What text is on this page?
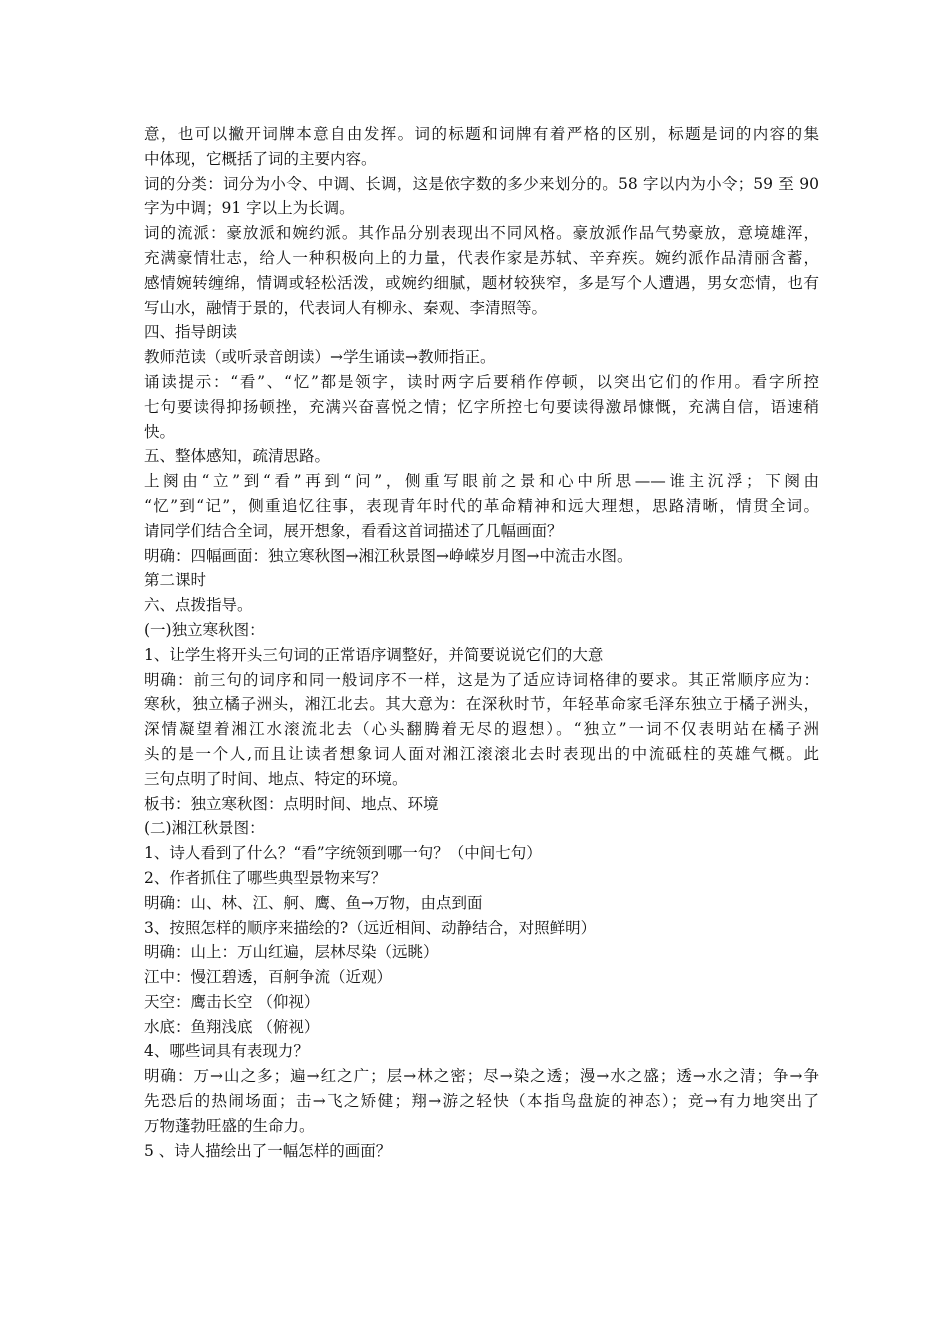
意，也可以撇开词牌本意自由发挥。词的标题和词牌有着严格的区别，标题是词的内容的集
中体现，它概括了词的主要内容。
词的分类：词分为小令、中调、长调，这是依字数的多少来划分的。58 字以内为小令；59 至 90
字为中调；91 字以上为长调。
词的流派：豪放派和婉约派。其作品分别表现出不同风格。豪放派作品气势豪放，意境雄浑，
充满豪情壮志，给人一种积极向上的力量，代表作家是苏轼、辛弃疾。婉约派作品清丽含蓄，
感情婉转缠绵，情调或轻松活泼，或婉约细腻，题材较狭窄，多是写个人遭遇，男女恋情，也有
写山水，融情于景的，代表词人有柳永、秦观、李清照等。
四、指导朗读
教师范读（或听录音朗读）→学生诵读→教师指正。
诵读提示：“看”、“忆”都是领字，读时两字后要稍作停顿，以突出它们的作用。看字所控
七句要读得抑扬顿挫，充满兴奋喜悦之情；忆字所控七句要读得激昂慷慨，充满自信，语速稍
快。
五、整体感知，疏清思路。
上阕由“立”到“看”再到“问”，侧重写眼前之景和心中所思——谁主沉浮；下阕由
“忆”到“记”，侧重追忆往事，表现青年时代的革命精神和远大理想，思路清晰，情贯全词。
请同学们结合全词，展开想象，看看这首词描述了几幅画面？
明确：四幅画面：独立寒秋图→湘江秋景图→峥嵘岁月图→中流击水图。
第二课时
六、点拨指导。
(一)独立寒秋图：
1、让学生将开头三句词的正常语序调整好，并简要说说它们的大意
明确：前三句的词序和同一般词序不一样，这是为了适应诗词格律的要求。其正常顺序应为：
寒秋，独立橘子洲头，湘江北去。其大意为：在深秋时节，年轻革命家毛泽东独立于橘子洲头，
深情凝望着湘江水滚流北去（心头翻腾着无尽的遐想）。“独立”一词不仅表明站在橘子洲
头的是一个人,而且让读者想象词人面对湘江滚滚北去时表现出的中流砥柱的英雄气概。此
三句点明了时间、地点、特定的环境。
板书：独立寒秋图：点明时间、地点、环境
(二)湘江秋景图：
1、诗人看到了什么？“看”字统领到哪一句？（中间七句）
2、作者抓住了哪些典型景物来写？
明确：山、林、江、舸、鹰、鱼→万物，由点到面
3、按照怎样的顺序来描绘的?（远近相间、动静结合，对照鲜明）
明确：山上：万山红遍，层林尽染（远眺）
江中：慢江碧透，百舸争流（近观）
天空：鹰击长空 （仰视）
水底：鱼翔浅底 （俯视）
4、哪些词具有表现力？
明确：万→山之多；遍→红之广；层→林之密；尽→染之透；漫→水之盛；透→水之清；争→争
先恐后的热闹场面；击→飞之矫健；翔→游之轻快（本指鸟盘旋的神态）；竞→有力地突出了
万物蓬勃旺盛的生命力。
5 、诗人描绘出了一幅怎样的画面？
